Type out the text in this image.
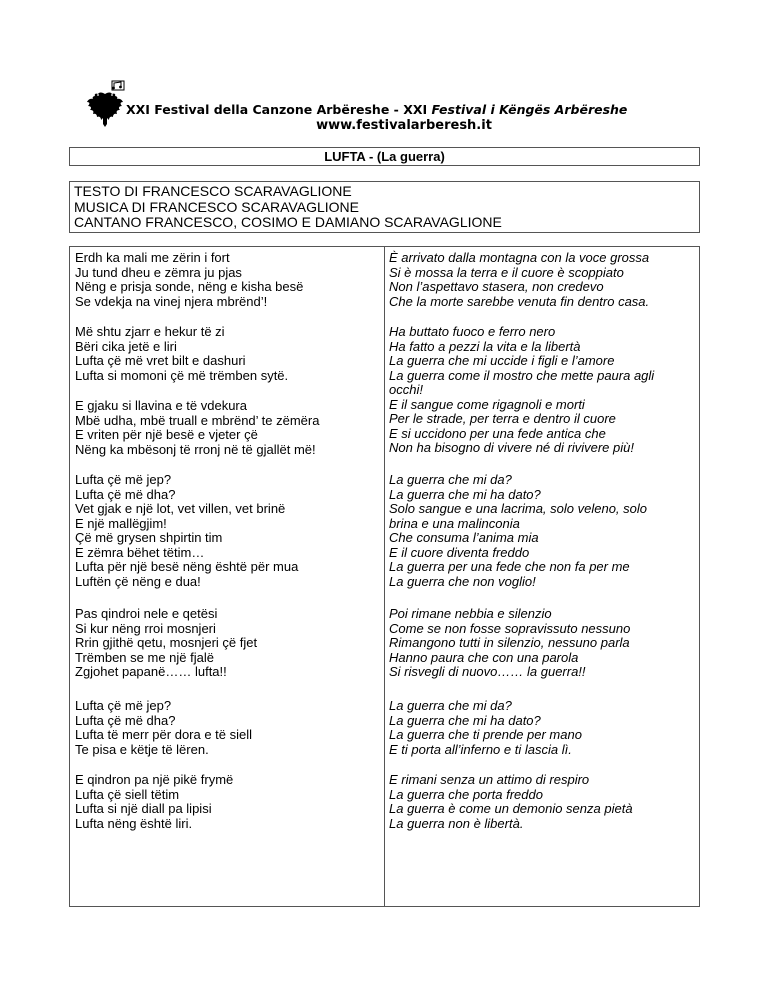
XXI Festival della Canzone Arbëreshe - XXI Festival i Këngës Arbëreshe
www.festivalarberesh.it
LUFTA - (La guerra)
TESTO DI FRANCESCO SCARAVAGLIONE
MUSICA DI FRANCESCO SCARAVAGLIONE
CANTANO FRANCESCO, COSIMO E DAMIANO SCARAVAGLIONE
Erdh ka mali me zërin i fort
Ju tund dheu e zëmra ju pjas
Nëng e prisja sonde, nëng e kisha besë
Se vdekja na vinej njera mbrënd’!
Më shtu zjarr e hekur të zi
Bëri cika jetë e liri
Lufta çë më vret bilt e dashuri
Lufta si momoni çë më trëmben sytë.
E gjaku si llavina e të vdekura
Mbë udha, mbë truall e mbrënd’ te zëmëra
E vriten për një besë e vjeter çë
Nëng ka mbësonj të rronj në të gjallët më!
Lufta çë më jep?
Lufta çë më dha?
Vet gjak e një lot, vet villen, vet brinë
E një mallëgjim!
Çë më grysen shpirtin tim
E zëmra bëhet tëtim…
Lufta për një besë nëng është për mua
Luftën çë nëng e dua!
Pas qindroi nele e qetësi
Si kur nëng rroi mosnjeri
Rrin gjithë qetu, mosnjeri çë fjet
Trëmben se me një fjalë
Zgjohet papanë…… lufta!!
Lufta çë më jep?
Lufta çë më dha?
Lufta të merr për dora e të siell
Te pisa e këtje të lëren.
E qindron pa një pikë frymë
Lufta çë siell tëtim
Lufta si një diall pa lipisi
Lufta nëng është liri.
È arrivato dalla montagna con la voce grossa
Si è mossa la terra e il cuore è scoppiato
Non l’aspettavo stasera, non credevo
Che la morte sarebbe venuta fin dentro casa.
Ha buttato fuoco e ferro nero
Ha fatto a pezzi la vita e la libertà
La guerra che mi uccide i figli e l’amore
La guerra come il mostro che mette paura agli
occhi!
E il sangue come rigagnoli e morti
Per le strade, per terra e dentro il cuore
E si uccidono per una fede antica che
Non ha bisogno di vivere né di rivivere più!
La guerra che mi da?
La guerra che mi ha dato?
Solo sangue e una lacrima, solo veleno, solo
brina e una malinconia
Che consuma l’anima mia
E il cuore diventa freddo
La guerra per una fede che non fa per me
La guerra che non voglio!
Poi rimane nebbia e silenzio
Come se non fosse sopravissuto nessuno
Rimangono tutti in silenzio, nessuno parla
Hanno paura che con una parola
Si risvegli di nuovo…… la guerra!!
La guerra che mi da?
La guerra che mi ha dato?
La guerra che ti prende per mano
E ti porta all’inferno e ti lascia lì.
E rimani senza un attimo di respiro
La guerra che porta freddo
La guerra è come un demonio senza pietà
La guerra non è libertà.
